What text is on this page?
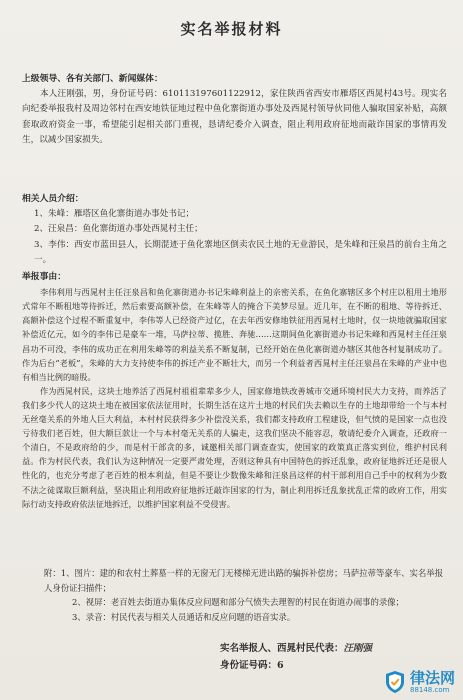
实名举报材料
上级领导、各有关部门、新闻媒体：
本人汪刚强，男，身份证号码：610113197601122912，家住陕西省西安市雁塔区西晁村43号。现实名向纪委举报我村及周边邻村在西安地铁征地过程中鱼化寨街道办事处及西晁村领导伙同他人骗取国家补贴，高额套取政府资金一事，希望能引起相关部门重视，恳请纪委介入调查，阻止利用政府征地而敲诈国家的事情再发生，以减少国家损失。
相关人员介绍：
1、朱峰：雁塔区鱼化寨街道办事处书记；
2、汪泉昌：鱼化寨街道办事处西晁村主任；
3、李伟：西安市蓝田县人，长期混迹于鱼化寨地区倒卖农民土地的无业游民，是朱峰和汪泉昌的前台主角之一。
举报事由：
李伟利用与西晁村主任汪泉昌和鱼化寨街道办书记朱峰利益上的亲密关系，在鱼化寨辖区多个村庄以租用土地形式常年不断租地等待拆迁，然后索要高额补偿，在朱峰等人的掩合下美梦尽显。近几年，在不断的租地、等待拆迁、高额补偿这个过程不断重复中，李伟等人已经资产过亿，在去年西安修地铁征用西晁村土地时，仅一块地就骗取国家补偿近亿元，如今的李伟已是豪车一堆，马萨拉蒂、揽胜、奔驰……这期间鱼化寨街道办书记朱峰和西晁村主任汪泉昌功不可没，李伟的成功正在利用朱峰等的利益关系不断复制，已经开始在鱼化寨街道办辖区其他各村复制成功了。作为后台“老板”，朱峰的大力支持使李伟的拆迁产业不断壮大，而另一个利益者西晁村主任汪泉昌在朱峰的产业中也有相当比例的暗股。
作为西晁村民，这块土地养活了西晁村祖祖辈辈多少人，国家修地铁改善城市交通环境村民大力支持，而养活了我们多少代人的这块土地在被国家依法征用时，长期生活在这片土地的村民们失去赖以生存的土地却带给一个与本村无丝毫关系的外地人巨大利益，本村村民获得多少补偿没关系，我们都支持政府工程建设，但气愤的是国家一点也没亏待我们老百姓，但大额巨款让一个与本村毫无关系的人骗走，这我们坚决不能容忍，敬请纪委介入调查，还政府一个清白，不是政府给的少，而是村干部贪的多，诚邀相关部门调查查实，使国家的政策真正落实到位，维护村民利益。作为村民代表，我们认为这种情况一定要严肃处理，否则这种具有中国特色的拆迁乱象，政府征地拆迁还是很人性化的，也充分考虑了老百姓的根本利益，但是不要让少数像朱峰和汪泉昌这样的村干部利用自己手中的权利为少数不法之徒谋取巨额利益，坚决阻止利用政府征地拆迁敲诈国家的行为，制止利用拆迁乱象扰乱正常的政府工作，用实际行动支持政府依法征地拆迁，以维护国家利益不受侵害。
附：1、图片：建的和农村土葬墓一样的无窗无门无楼梯无进出路的骗拆补偿房；马萨拉蒂等豪车、实名举报人身份证扫描件；
2、视屏：老百姓去街道办集体反应问题和部分气愤失去理智的村民在街道办闹事的录像；
3、录音：村民代表与相关人员通话和反应问题的语音实录。
实名举报人、西晁村民代表：汪刚强
身份证号码：6
律法网
88148.com
